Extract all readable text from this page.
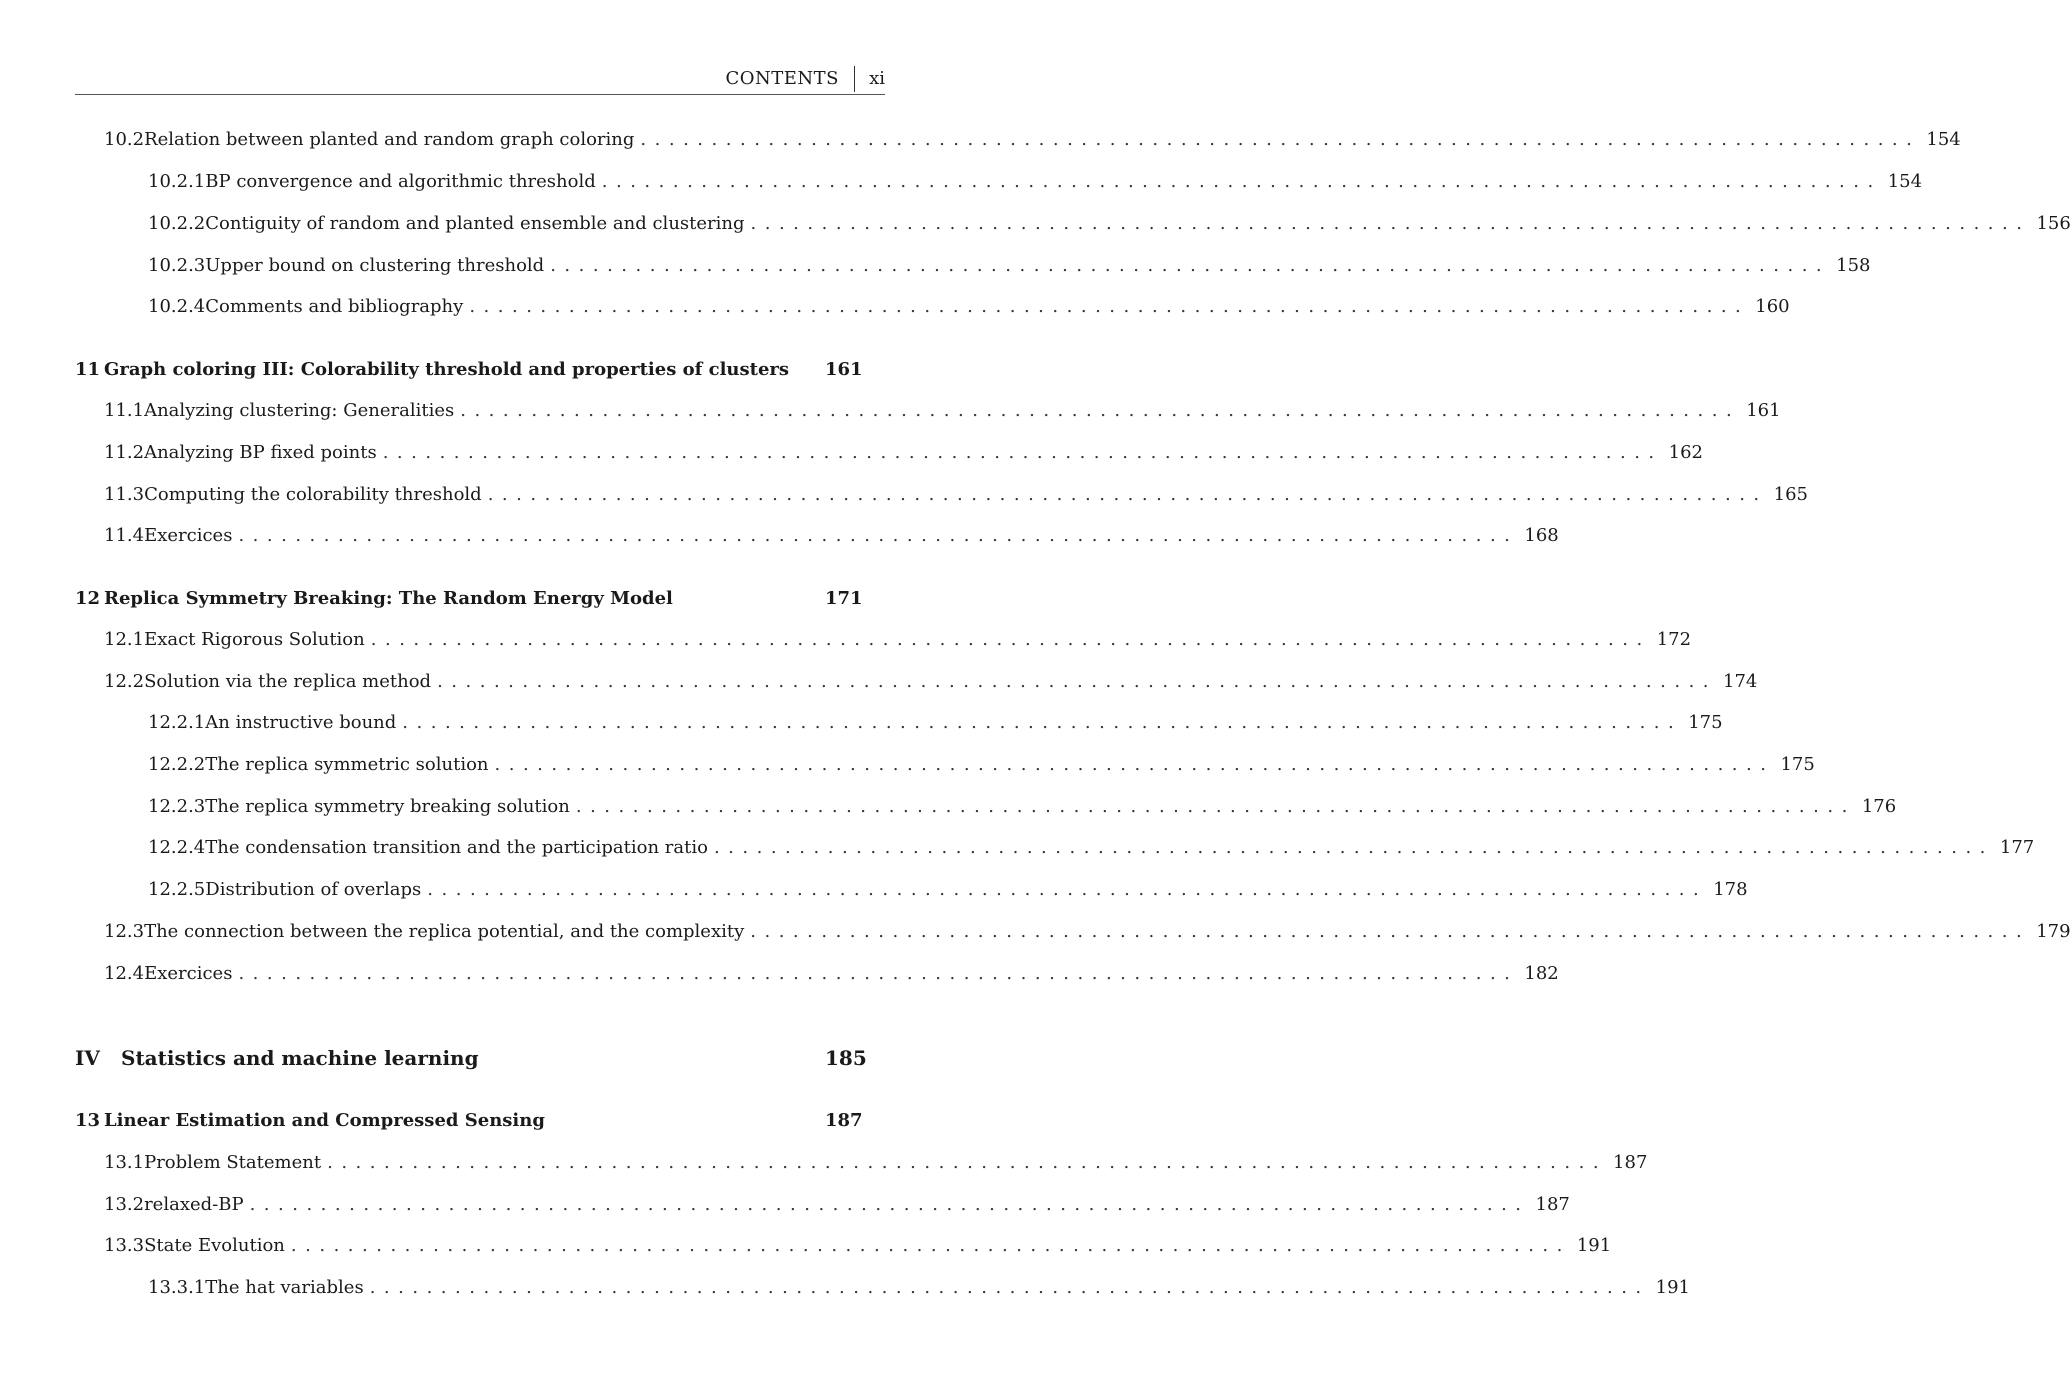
CONTENTS xi
10.2 Relation between planted and random graph coloring .......................................................................................... 154
10.2.1 BP convergence and algorithmic threshold .......................................................................................... 154
10.2.2 Contiguity of random and planted ensemble and clustering .......................................................................................... 156
10.2.3 Upper bound on clustering threshold .......................................................................................... 158
10.2.4 Comments and bibliography .......................................................................................... 160
11 Graph coloring III: Colorability threshold and properties of clusters 161
11.1 Analyzing clustering: Generalities .......................................................................................... 161
11.2 Analyzing BP fixed points .......................................................................................... 162
11.3 Computing the colorability threshold .......................................................................................... 165
11.4 Exercices .......................................................................................... 168
12 Replica Symmetry Breaking: The Random Energy Model	171
12.1 Exact Rigorous Solution .......................................................................................... 172
12.2 Solution via the replica method .......................................................................................... 174
12.2.1 An instructive bound .......................................................................................... 175
12.2.2 The replica symmetric solution .......................................................................................... 175
12.2.3 The replica symmetry breaking solution .......................................................................................... 176
12.2.4 The condensation transition and the participation ratio .......................................................................................... 177
12.2.5 Distribution of overlaps .......................................................................................... 178
12.3 The connection between the replica potential, and the complexity .......................................................................................... 179
12.4 Exercices .......................................................................................... 182
IV	Statistics and machine learning	185
13 Linear Estimation and Compressed Sensing	187
13.1 Problem Statement .......................................................................................... 187
13.2 relaxed-BP .......................................................................................... 187
13.3 State Evolution .......................................................................................... 191
13.3.1 The hat variables .......................................................................................... 191
